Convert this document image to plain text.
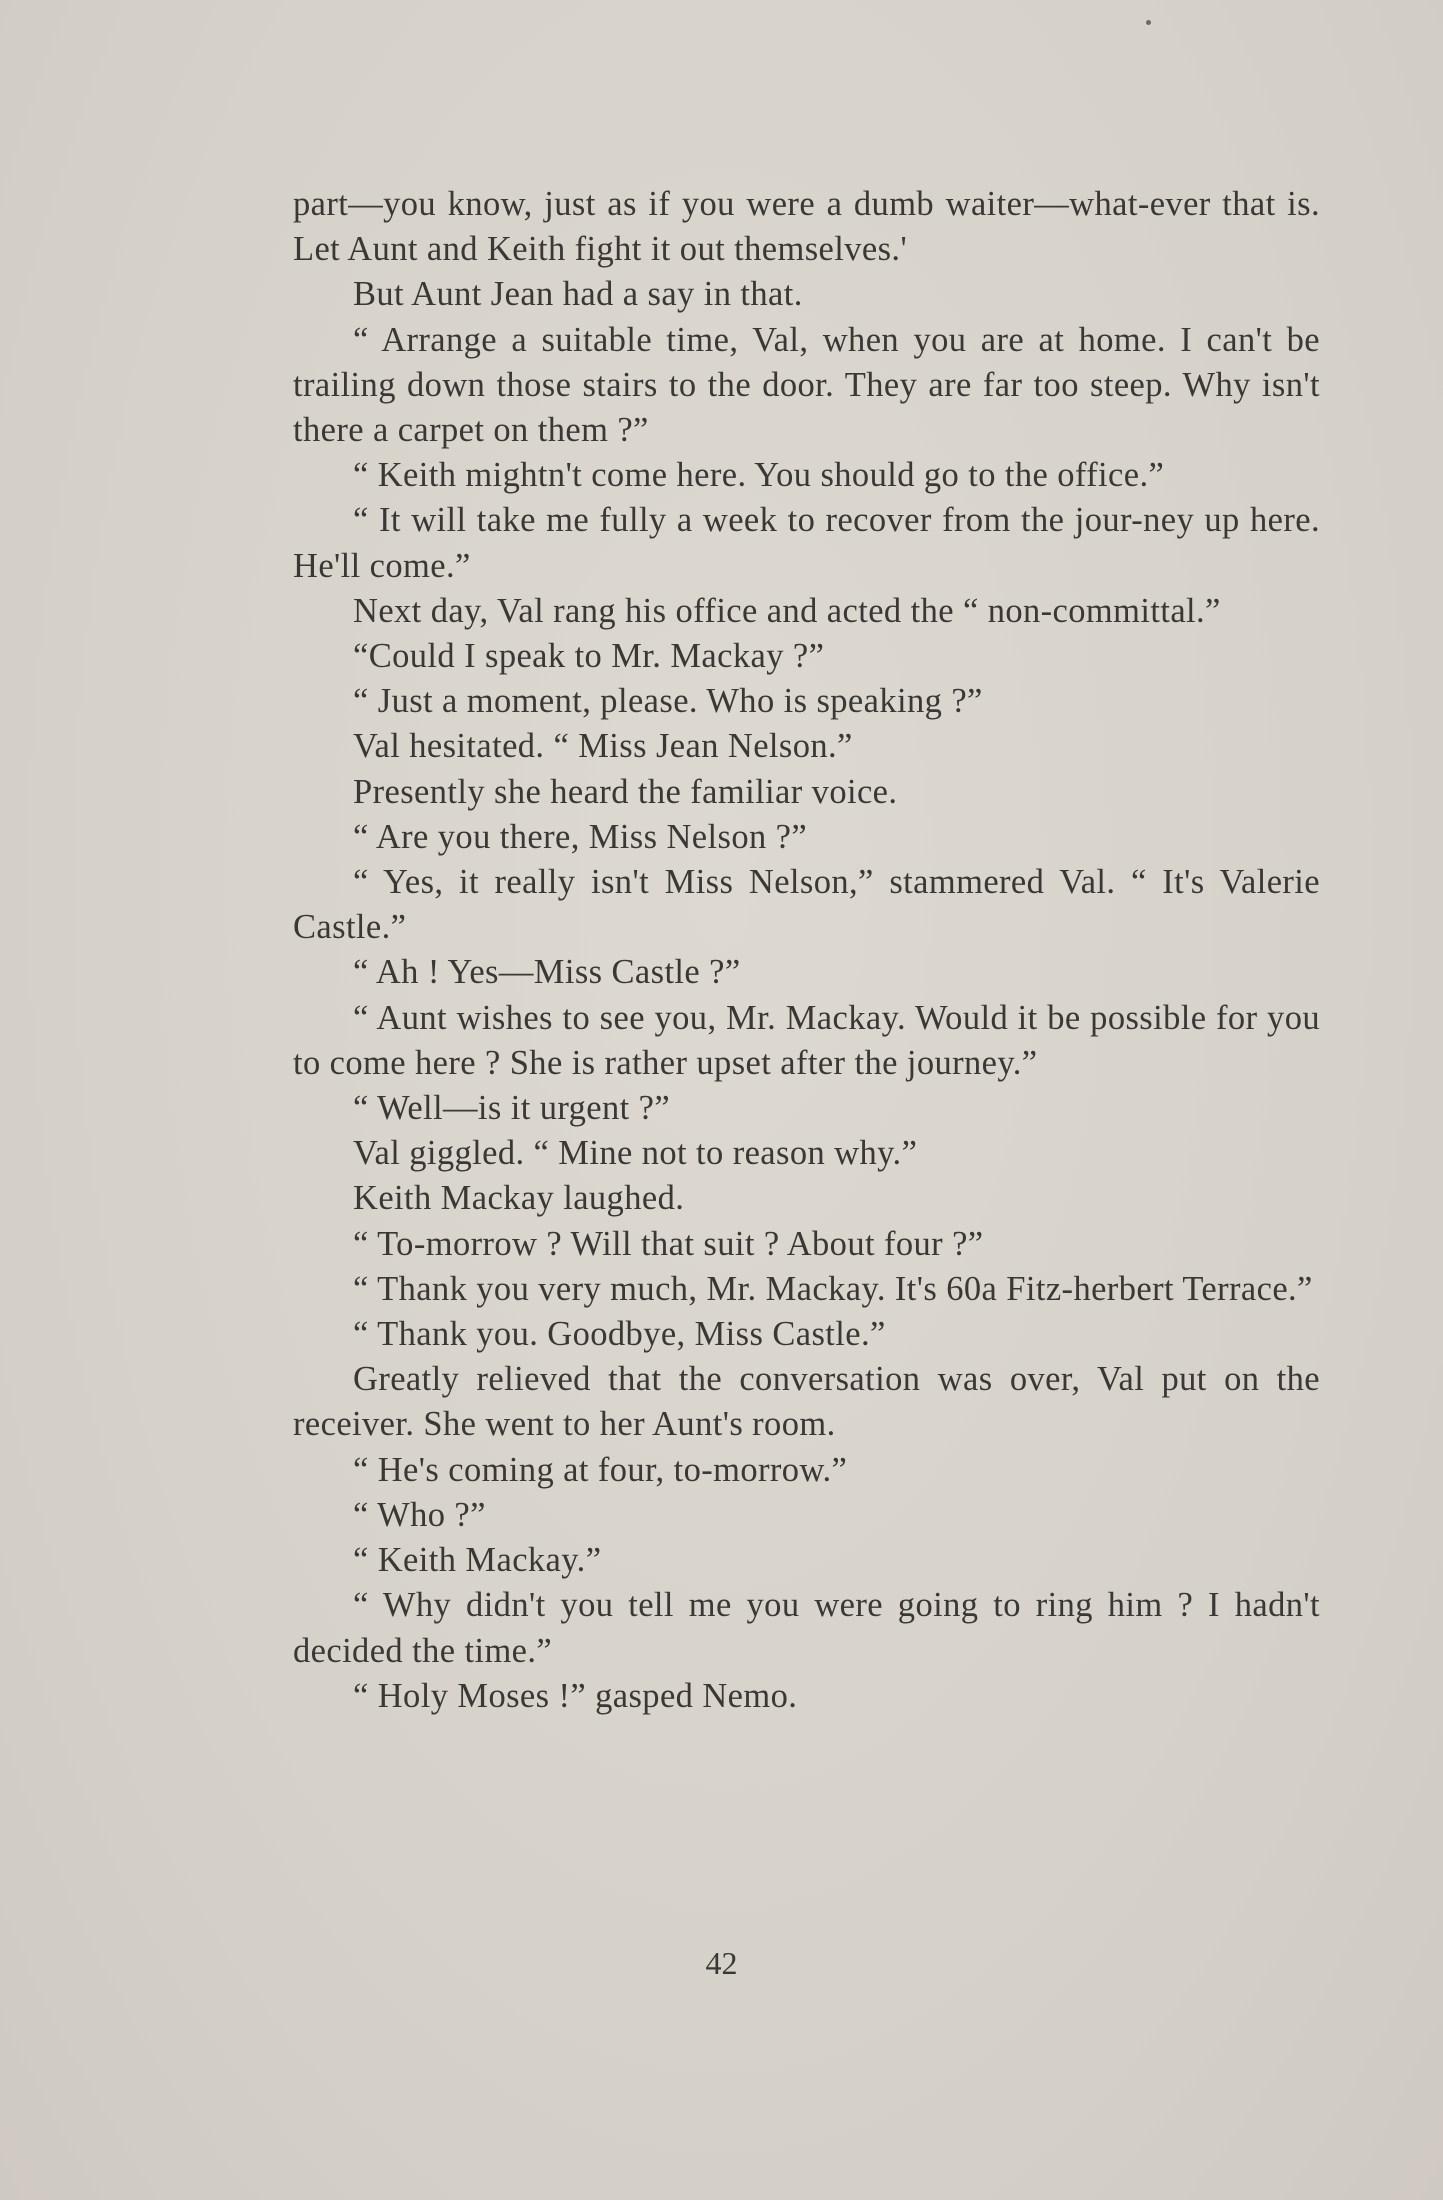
part—you know, just as if you were a dumb waiter—what-ever that is. Let Aunt and Keith fight it out themselves.'

But Aunt Jean had a say in that.

“ Arrange a suitable time, Val, when you are at home. I can't be trailing down those stairs to the door. They are far too steep. Why isn't there a carpet on them ?”

“ Keith mightn't come here. You should go to the office.”

“ It will take me fully a week to recover from the jour-ney up here. He'll come.”

Next day, Val rang his office and acted the “ non-committal.”

“Could I speak to Mr. Mackay ?”

“ Just a moment, please. Who is speaking ?”

Val hesitated. “ Miss Jean Nelson.”

Presently she heard the familiar voice.

“ Are you there, Miss Nelson ?”

“ Yes, it really isn't Miss Nelson,” stammered Val. “ It's Valerie Castle.”

“ Ah ! Yes—Miss Castle ?”

“ Aunt wishes to see you, Mr. Mackay. Would it be possible for you to come here ? She is rather upset after the journey.”

“ Well—is it urgent ?”

Val giggled. “ Mine not to reason why.”

Keith Mackay laughed.

“ To-morrow ? Will that suit ? About four ?”

“ Thank you very much, Mr. Mackay. It's 60a Fitz-herbert Terrace.”

“ Thank you. Goodbye, Miss Castle.”

Greatly relieved that the conversation was over, Val put on the receiver. She went to her Aunt's room.

“ He's coming at four, to-morrow.”

“ Who ?”

“ Keith Mackay.”

“ Why didn't you tell me you were going to ring him ? I hadn't decided the time.”

“ Holy Moses !” gasped Nemo.

42
